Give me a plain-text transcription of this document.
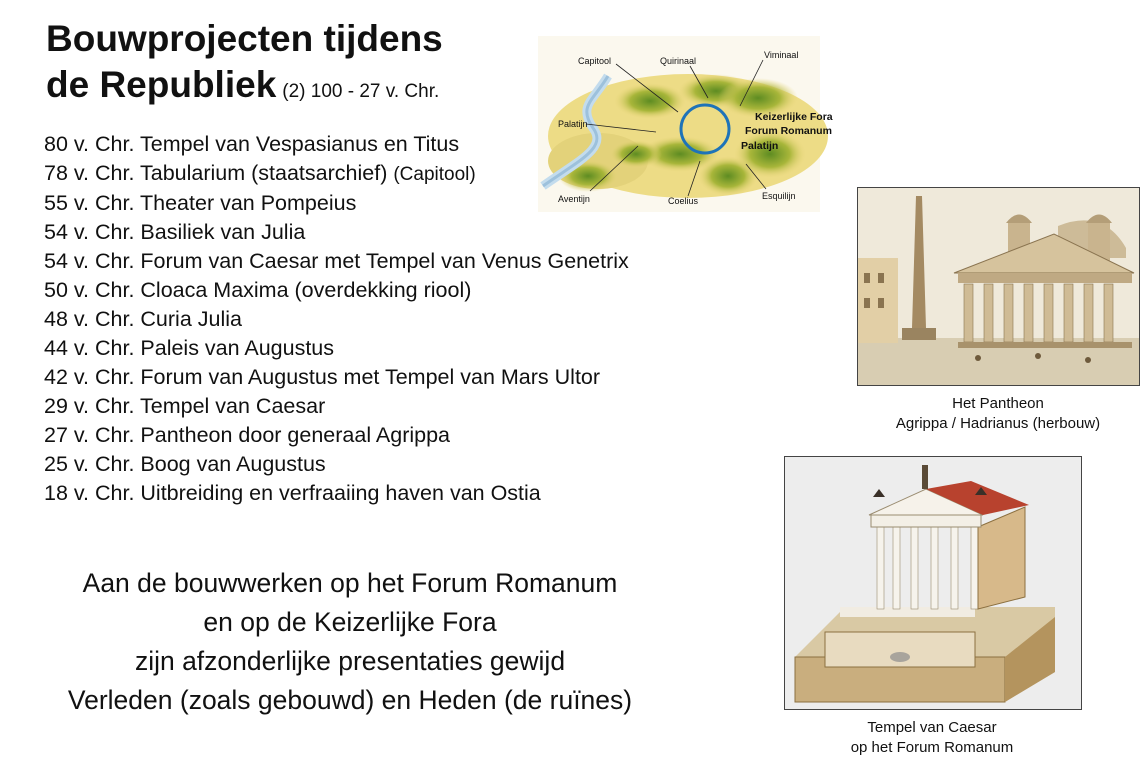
Bouwprojecten tijdens
de Republiek (2) 100 - 27 v. Chr.
Capitool	Quirinaal
Viminaal
Palatijn
Aventijn	Coelius	Esquilijn
Keizerlijke Fora
Forum Romanum
Palatijn
80 v. Chr. Tempel van Vespasianus en Titus
78 v. Chr. Tabularium (staatsarchief) (Capitool)
55 v. Chr. Theater van Pompeius
54 v. Chr. Basiliek van Julia
54 v. Chr. Forum van Caesar met Tempel van Venus Genetrix
50 v. Chr. Cloaca Maxima (overdekking riool)
48 v. Chr. Curia Julia
44 v. Chr. Paleis van Augustus
42 v. Chr. Forum van Augustus met Tempel van Mars Ultor
29 v. Chr. Tempel van Caesar
27 v. Chr. Pantheon door generaal Agrippa
25 v. Chr. Boog van Augustus
18 v. Chr. Uitbreiding en verfraaiing haven van Ostia
Het Pantheon
Agrippa / Hadrianus (herbouw)
Tempel van Caesar
op het Forum Romanum
Aan de bouwwerken op het Forum Romanum
en op de Keizerlijke Fora
zijn afzonderlijke presentaties gewijd
Verleden (zoals gebouwd) en Heden (de ruïnes)
